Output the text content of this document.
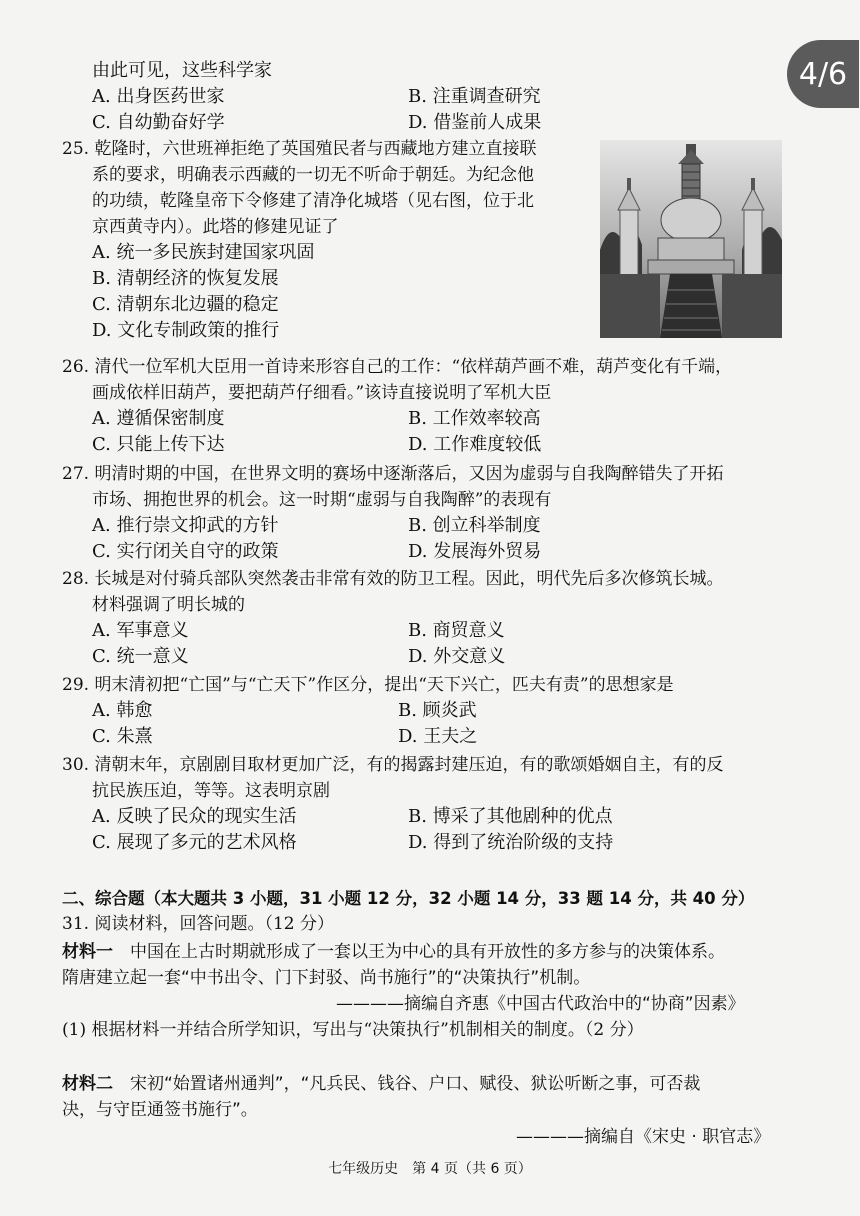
4/6
由此可见，这些科学家
A. 出身医药世家	B. 注重调查研究
C. 自幼勤奋好学	D. 借鉴前人成果
25. 乾隆时，六世班禅拒绝了英国殖民者与西藏地方建立直接联
系的要求，明确表示西藏的一切无不听命于朝廷。为纪念他
的功绩，乾隆皇帝下令修建了清净化城塔（见右图，位于北
京西黄寺内）。此塔的修建见证了
A. 统一多民族封建国家巩固
B. 清朝经济的恢复发展
C. 清朝东北边疆的稳定
D. 文化专制政策的推行
26. 清代一位军机大臣用一首诗来形容自己的工作：“依样葫芦画不难，葫芦变化有千端，
画成依样旧葫芦，要把葫芦仔细看。”该诗直接说明了军机大臣
A. 遵循保密制度	B. 工作效率较高
C. 只能上传下达	D. 工作难度较低
27. 明清时期的中国，在世界文明的赛场中逐渐落后，又因为虚弱与自我陶醉错失了开拓
市场、拥抱世界的机会。这一时期“虚弱与自我陶醉”的表现有
A. 推行崇文抑武的方针	B. 创立科举制度
C. 实行闭关自守的政策	D. 发展海外贸易
28. 长城是对付骑兵部队突然袭击非常有效的防卫工程。因此，明代先后多次修筑长城。
材料强调了明长城的
A. 军事意义	B. 商贸意义
C. 统一意义	D. 外交意义
29. 明末清初把“亡国”与“亡天下”作区分，提出“天下兴亡，匹夫有责”的思想家是
A. 韩愈	B. 顾炎武
C. 朱熹	D. 王夫之
30. 清朝末年，京剧剧目取材更加广泛，有的揭露封建压迫，有的歌颂婚姻自主，有的反
抗民族压迫，等等。这表明京剧
A. 反映了民众的现实生活	B. 博采了其他剧种的优点
C. 展现了多元的艺术风格	D. 得到了统治阶级的支持
二、综合题（本大题共 3 小题，31 小题 12 分，32 小题 14 分，33 题 14 分，共 40 分）
31. 阅读材料，回答问题。（12 分）
材料一　中国在上古时期就形成了一套以王为中心的具有开放性的多方参与的决策体系。
隋唐建立起一套“中书出令、门下封驳、尚书施行”的“决策执行”机制。
————摘编自齐惠《中国古代政治中的“协商”因素》
(1) 根据材料一并结合所学知识，写出与“决策执行”机制相关的制度。（2 分）
材料二　宋初“始置诸州通判”，“凡兵民、钱谷、户口、赋役、狱讼听断之事，可否裁
决，与守臣通签书施行”。
————摘编自《宋史 · 职官志》
七年级历史　第 4 页（共 6 页）
